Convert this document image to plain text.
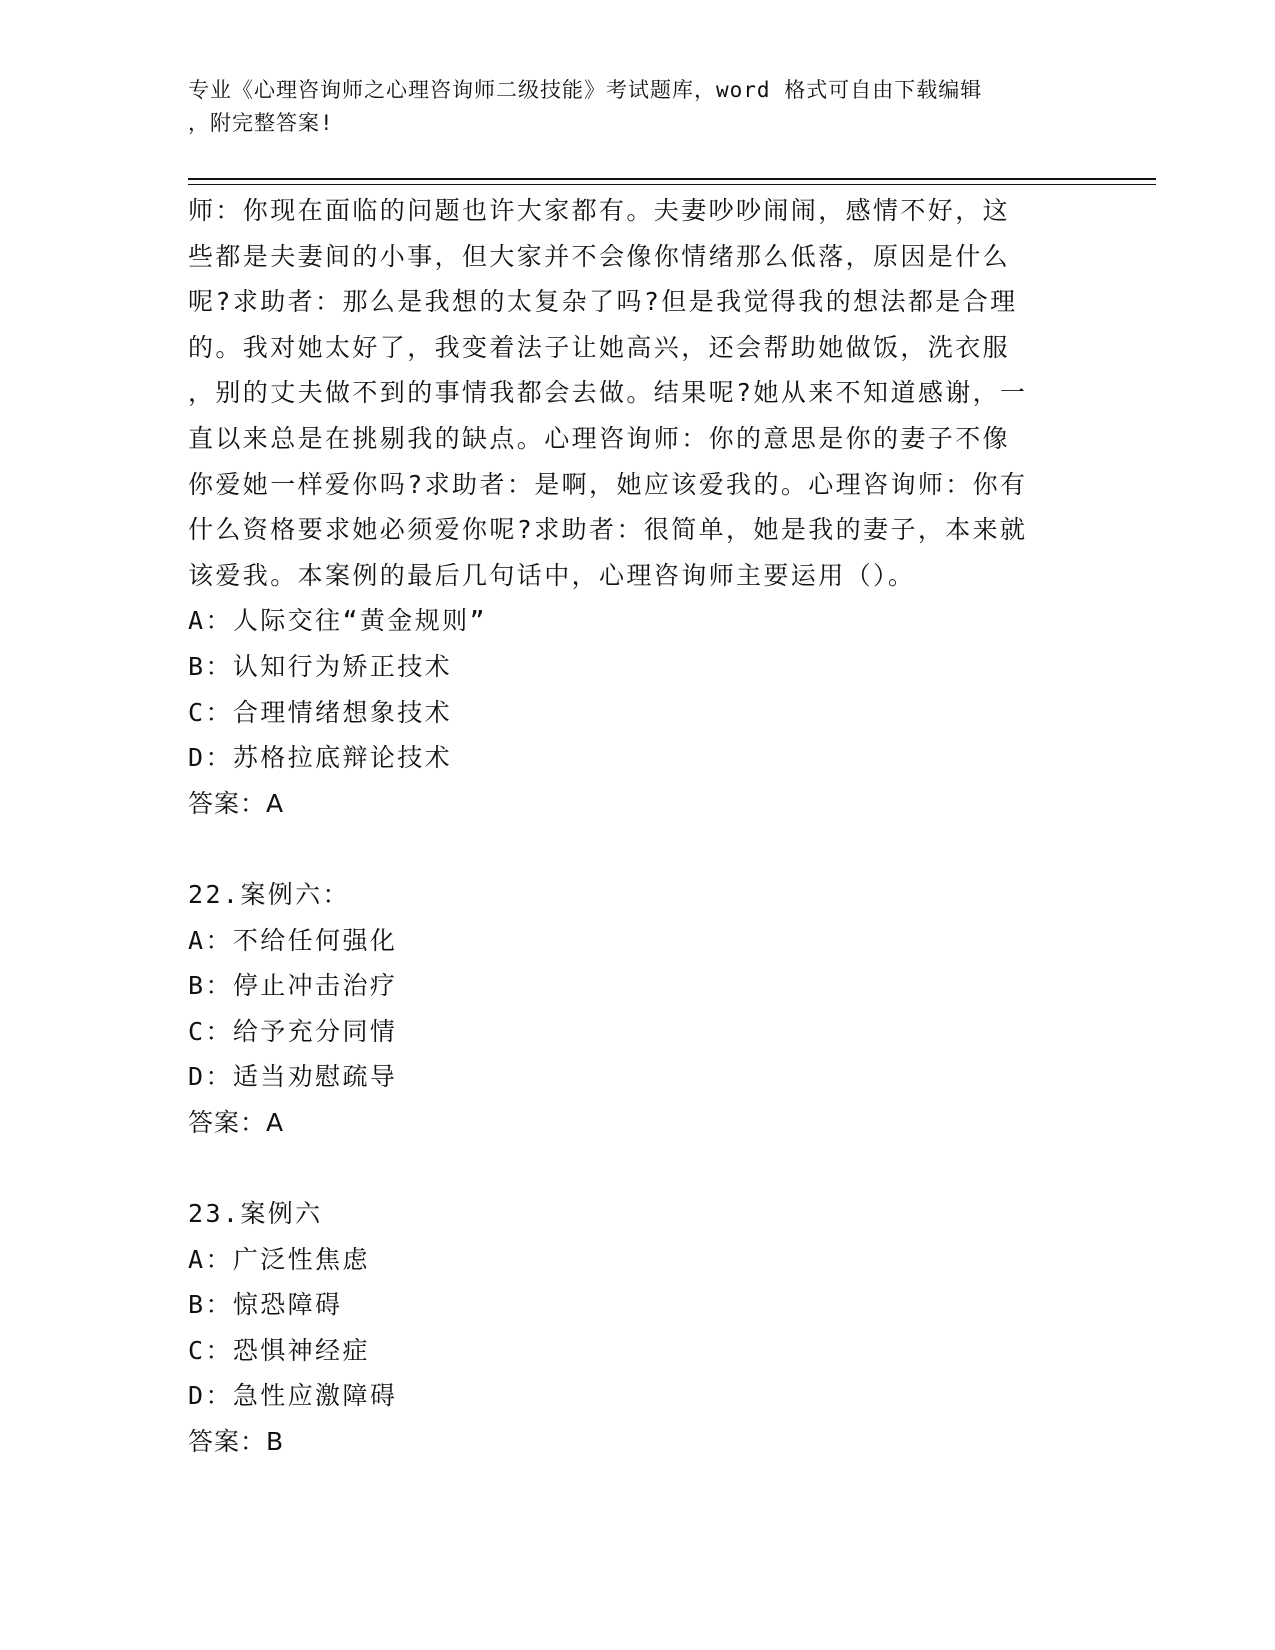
专业《心理咨询师之心理咨询师二级技能》考试题库，word 格式可自由下载编辑
，附完整答案!
师：你现在面临的问题也许大家都有。夫妻吵吵闹闹，感情不好，这
些都是夫妻间的小事，但大家并不会像你情绪那么低落，原因是什么
呢?求助者：那么是我想的太复杂了吗?但是我觉得我的想法都是合理
的。我对她太好了，我变着法子让她高兴，还会帮助她做饭，洗衣服
，别的丈夫做不到的事情我都会去做。结果呢?她从来不知道感谢，一
直以来总是在挑剔我的缺点。心理咨询师：你的意思是你的妻子不像
你爱她一样爱你吗?求助者：是啊，她应该爱我的。心理咨询师：你有
什么资格要求她必须爱你呢?求助者：很简单，她是我的妻子，本来就
该爱我。本案例的最后几句话中，心理咨询师主要运用（）。
A：人际交往“黄金规则”
B：认知行为矫正技术
C：合理情绪想象技术
D：苏格拉底辩论技术
答案：A
22.案例六：
A：不给任何强化
B：停止冲击治疗
C：给予充分同情
D：适当劝慰疏导
答案：A
23.案例六
A：广泛性焦虑
B：惊恐障碍
C：恐惧神经症
D：急性应激障碍
答案：B
